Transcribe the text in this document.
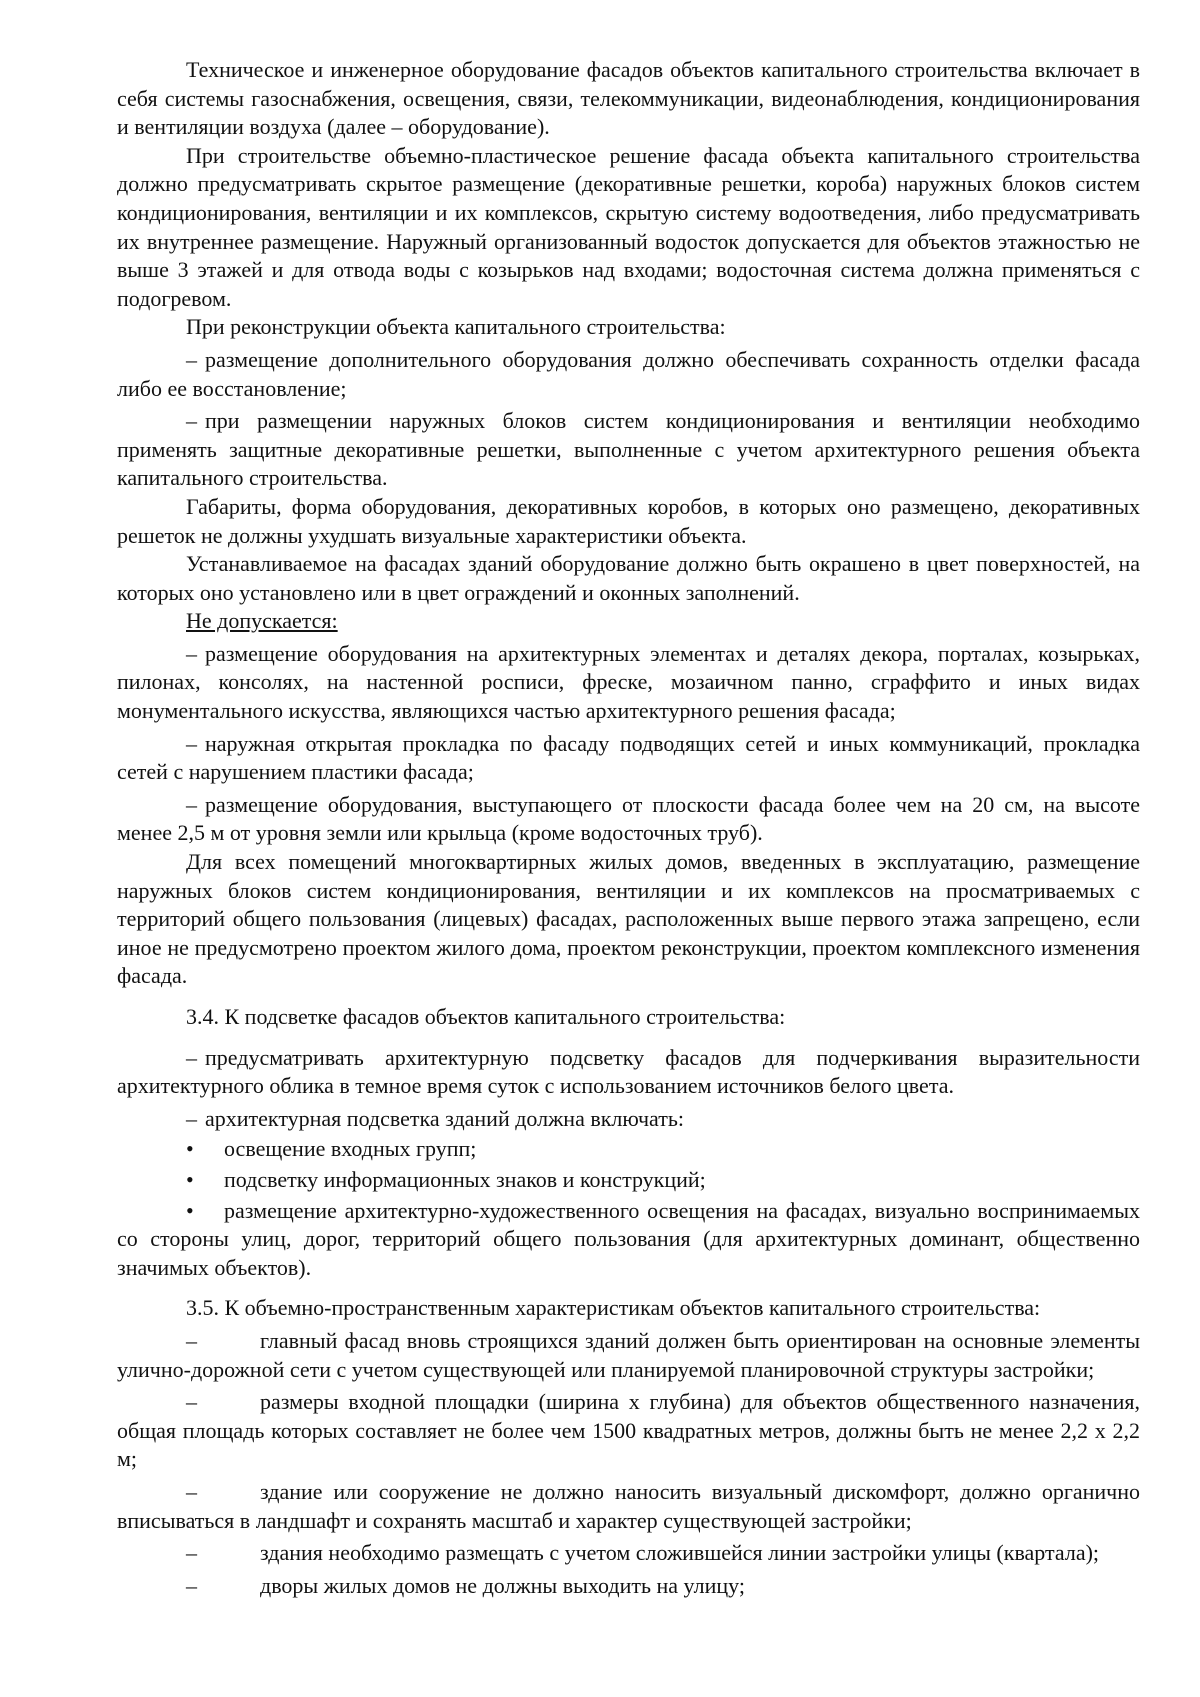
Техническое и инженерное оборудование фасадов объектов капитального строительства включает в себя системы газоснабжения, освещения, связи, телекоммуникации, видеонаблюдения, кондиционирования и вентиляции воздуха (далее – оборудование).

При строительстве объемно-пластическое решение фасада объекта капитального строительства должно предусматривать скрытое размещение (декоративные решетки, короба) наружных блоков систем кондиционирования, вентиляции и их комплексов, скрытую систему водоотведения, либо предусматривать их внутреннее размещение. Наружный организованный водосток допускается для объектов этажностью не выше 3 этажей и для отвода воды с козырьков над входами; водосточная система должна применяться с подогревом.

При реконструкции объекта капитального строительства:

– размещение дополнительного оборудования должно обеспечивать сохранность отделки фасада либо ее восстановление;

– при размещении наружных блоков систем кондиционирования и вентиляции необходимо применять защитные декоративные решетки, выполненные с учетом архитектурного решения объекта капитального строительства.

Габариты, форма оборудования, декоративных коробов, в которых оно размещено, декоративных решеток не должны ухудшать визуальные характеристики объекта.

Устанавливаемое на фасадах зданий оборудование должно быть окрашено в цвет поверхностей, на которых оно установлено или в цвет ограждений и оконных заполнений.

Не допускается:

– размещение оборудования на архитектурных элементах и деталях декора, порталах, козырьках, пилонах, консолях, на настенной росписи, фреске, мозаичном панно, сграффито и иных видах монументального искусства, являющихся частью архитектурного решения фасада;

– наружная открытая прокладка по фасаду подводящих сетей и иных коммуникаций, прокладка сетей с нарушением пластики фасада;

– размещение оборудования, выступающего от плоскости фасада более чем на 20 см, на высоте менее 2,5 м от уровня земли или крыльца (кроме водосточных труб).

Для всех помещений многоквартирных жилых домов, введенных в эксплуатацию, размещение наружных блоков систем кондиционирования, вентиляции и их комплексов на просматриваемых с территорий общего пользования (лицевых) фасадах, расположенных выше первого этажа запрещено, если иное не предусмотрено проектом жилого дома, проектом реконструкции, проектом комплексного изменения фасада.

3.4. К подсветке фасадов объектов капитального строительства:

– предусматривать архитектурную подсветку фасадов для подчеркивания выразительности архитектурного облика в темное время суток с использованием источников белого цвета.

– архитектурная подсветка зданий должна включать:

• освещение входных групп;

• подсветку информационных знаков и конструкций;

• размещение архитектурно-художественного освещения на фасадах, визуально воспринимаемых со стороны улиц, дорог, территорий общего пользования (для архитектурных доминант, общественно значимых объектов).

3.5. К объемно-пространственным характеристикам объектов капитального строительства:

–	главный фасад вновь строящихся зданий должен быть ориентирован на основные элементы улично-дорожной сети с учетом существующей или планируемой планировочной структуры застройки;

–	размеры входной площадки (ширина х глубина) для объектов общественного назначения, общая площадь которых составляет не более чем 1500 квадратных метров, должны быть не менее 2,2 х 2,2 м;

–	здание или сооружение не должно наносить визуальный дискомфорт, должно органично вписываться в ландшафт и сохранять масштаб и характер существующей застройки;

–	здания необходимо размещать с учетом сложившейся линии застройки улицы (квартала);

–	дворы жилых домов не должны выходить на улицу;
